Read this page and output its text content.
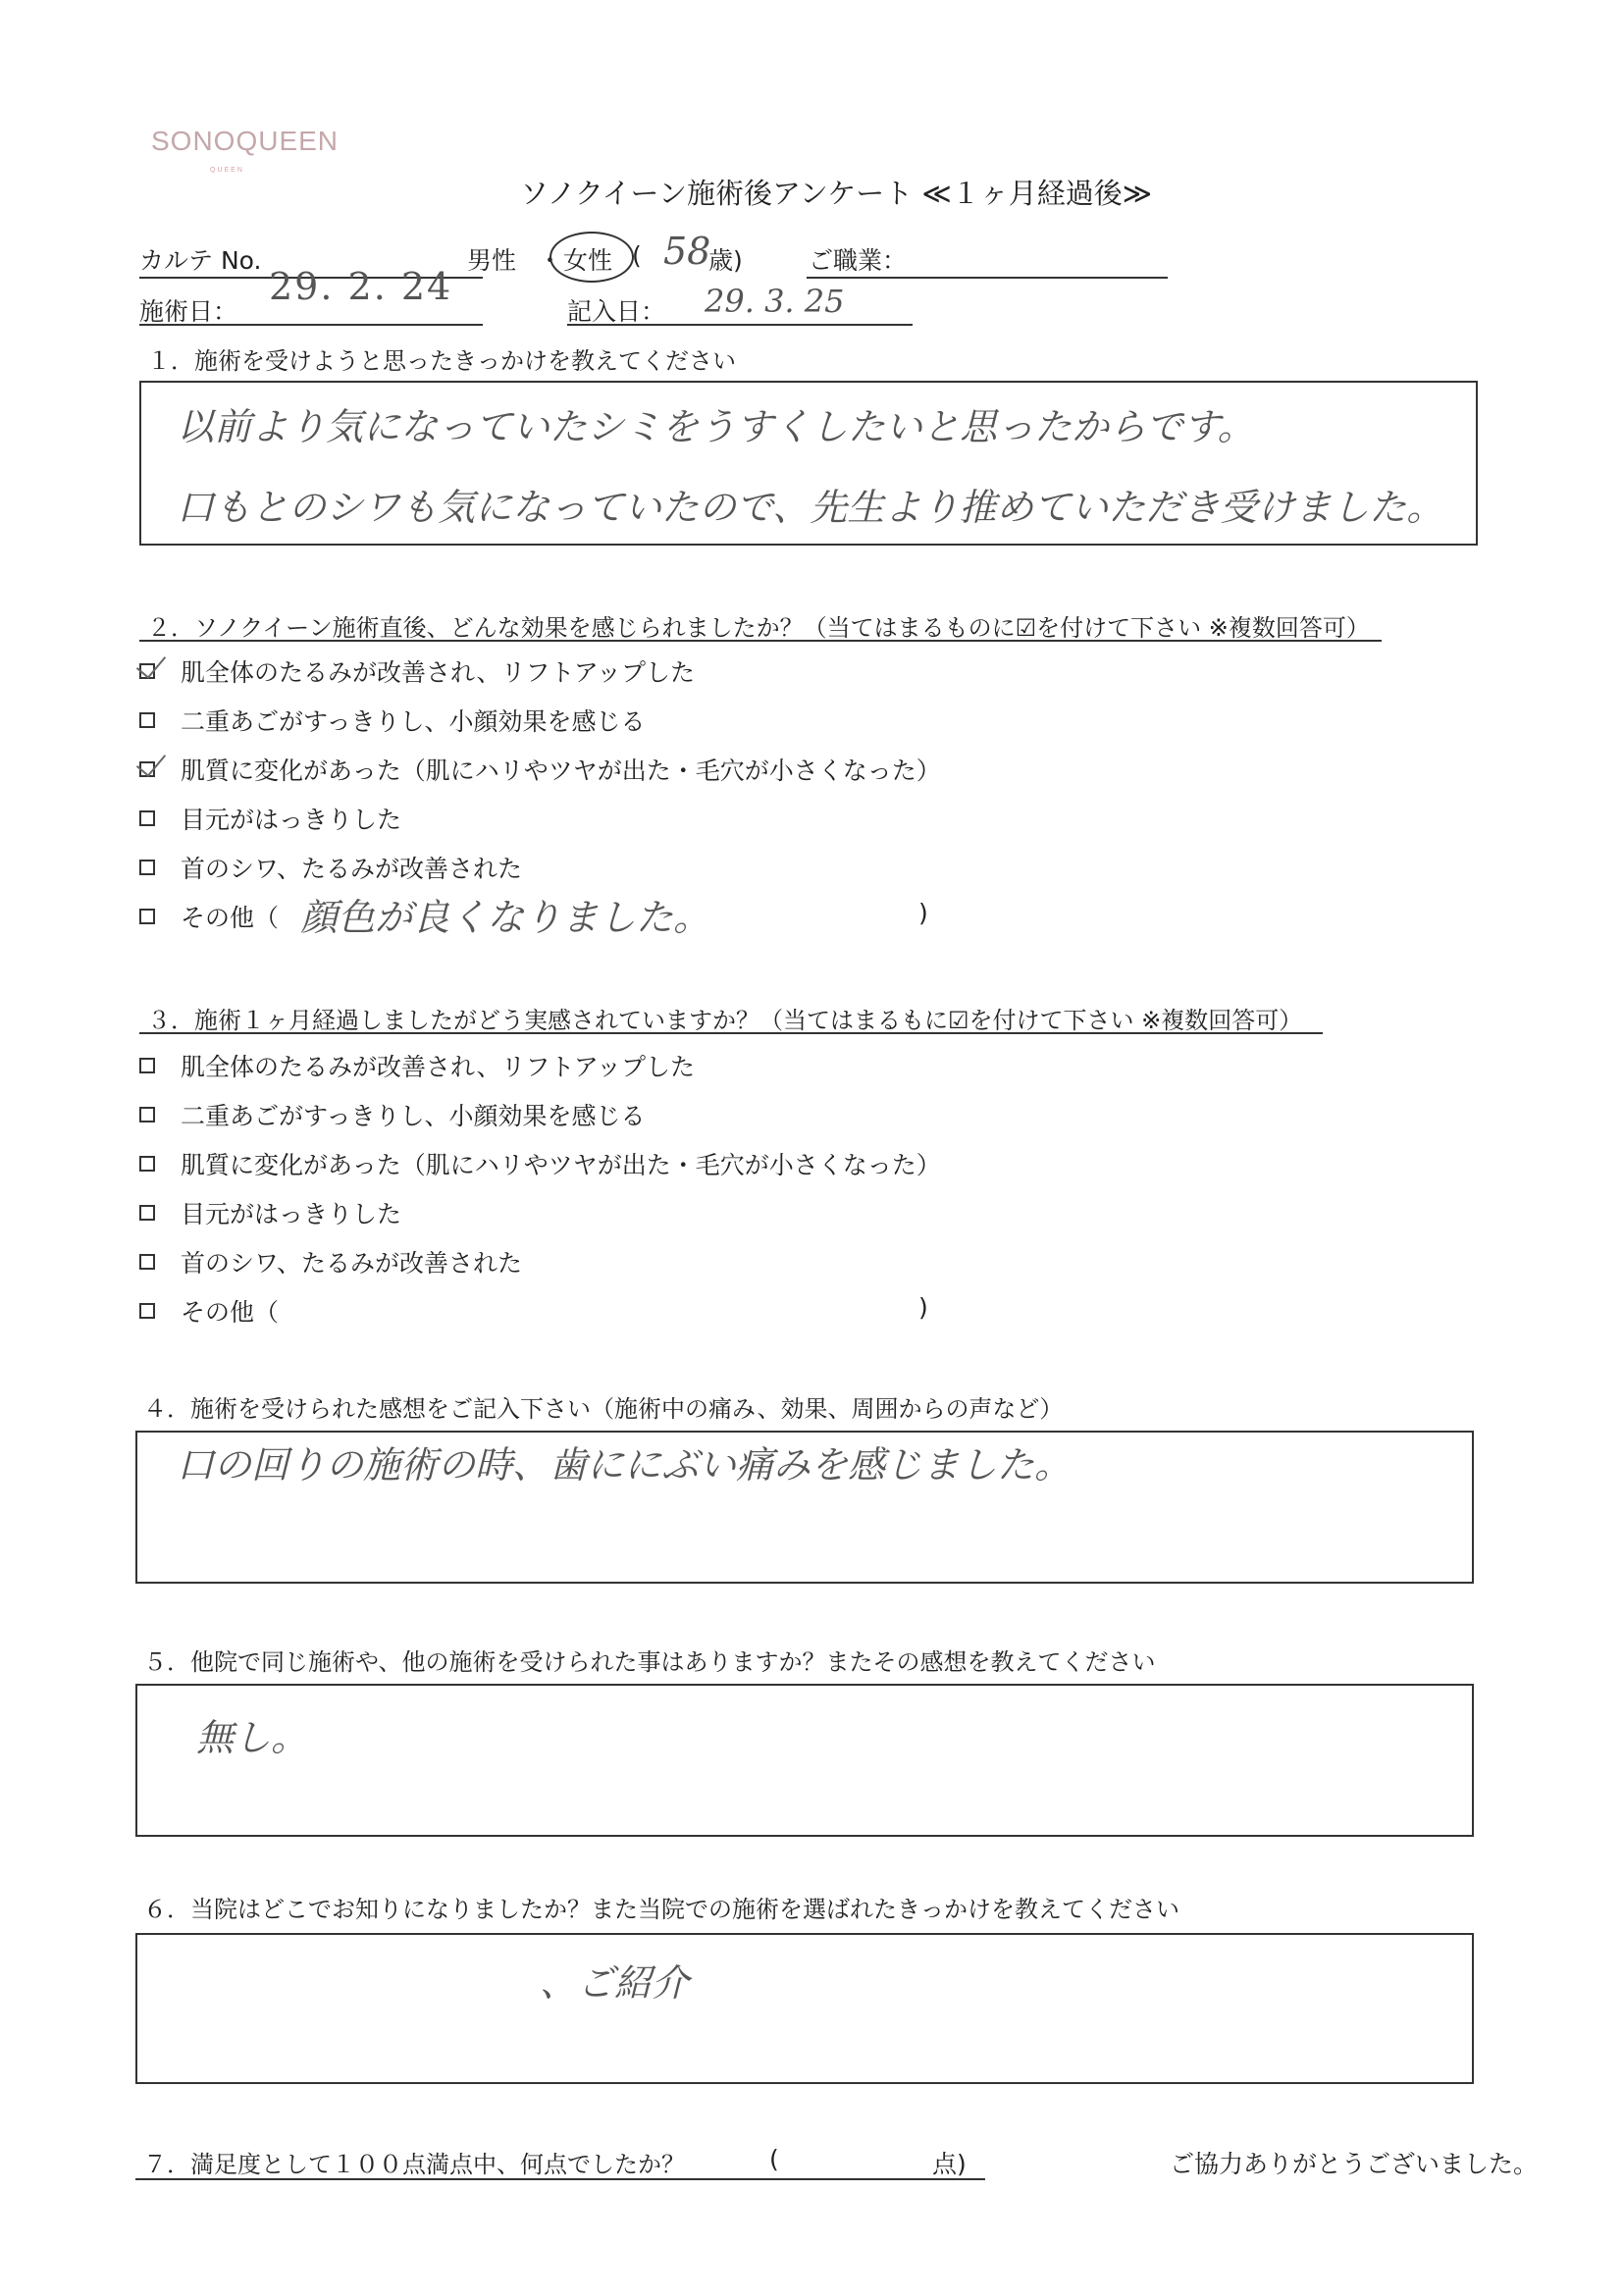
SONOQUEEN
QUEEN
ソノクイーン施術後アンケート ≪１ヶ月経過後≫
カルテ No.	男性 ・ 女性 ( 58
歳)	ご職業：
施術日：
29. 2. 24
記入日： 29. 3. 25
１．施術を受けようと思ったきっかけを教えてください
以前より気になっていたシミをうすくしたいと思ったからです。
口もとのシワも気になっていたので、先生より推めていただき受けました。
２．ソノクイーン施術直後、どんな効果を感じられましたか？（当てはまるものに☑を付けて下さい ※複数回答可）
肌全体のたるみが改善され、リフトアップした
二重あごがすっきりし、小顔効果を感じる
肌質に変化があった（肌にハリやツヤが出た・毛穴が小さくなった）
目元がはっきりした
首のシワ、たるみが改善された
その他（ 顔色が良くなりました。	)
３．施術１ヶ月経過しましたがどう実感されていますか？（当てはまるもに☑を付けて下さい ※複数回答可）
肌全体のたるみが改善され、リフトアップした
二重あごがすっきりし、小顔効果を感じる
肌質に変化があった（肌にハリやツヤが出た・毛穴が小さくなった）
目元がはっきりした
首のシワ、たるみが改善された
その他（	)
４．施術を受けられた感想をご記入下さい（施術中の痛み、効果、周囲からの声など）
口の回りの施術の時、歯ににぶい痛みを感じました。
５．他院で同じ施術や、他の施術を受けられた事はありますか？またその感想を教えてください
無し。
６．当院はどこでお知りになりましたか？また当院での施術を選ばれたきっかけを教えてください
、ご紹介
７．満足度として１００点満点中、何点でしたか？	(	点)	ご協力ありがとうございました。
